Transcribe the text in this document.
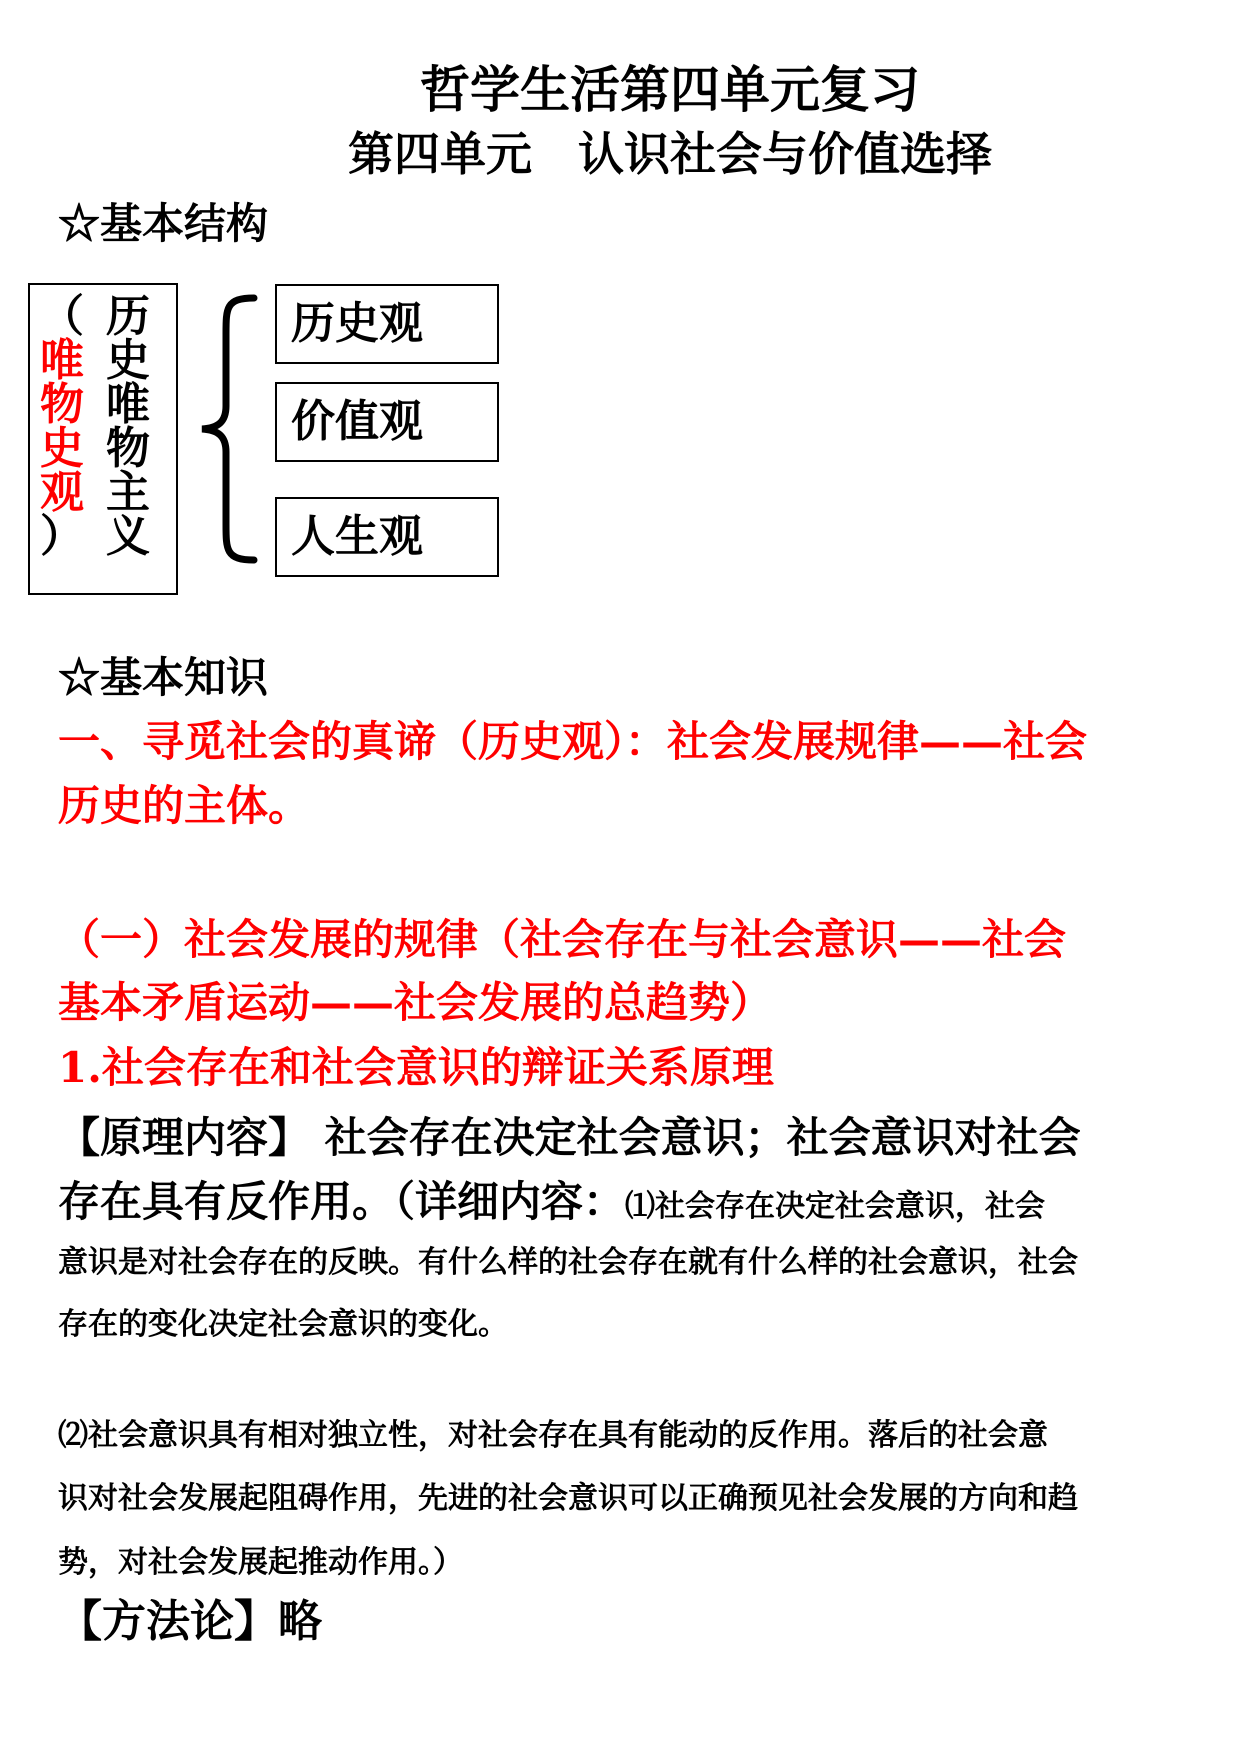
哲学生活第四单元复习
第四单元 认识社会与价值选择
☆基本结构
（
唯
物
史
观
）
历
史
唯
物
主
义
历史观
价值观
人生观
☆基本知识
一、寻觅社会的真谛（历史观）：社会发展规律——社会
历史的主体。
（一）社会发展的规律（社会存在与社会意识——社会
基本矛盾运动——社会发展的总趋势）
1.社会存在和社会意识的辩证关系原理
【原理内容】 社会存在决定社会意识；社会意识对社会
存在具有反作用。（详细内容：⑴社会存在决定社会意识，社会
意识是对社会存在的反映。有什么样的社会存在就有什么样的社会意识，社会
存在的变化决定社会意识的变化。
⑵社会意识具有相对独立性，对社会存在具有能动的反作用。落后的社会意
识对社会发展起阻碍作用，先进的社会意识可以正确预见社会发展的方向和趋
势，对社会发展起推动作用。）
【方法论】略
